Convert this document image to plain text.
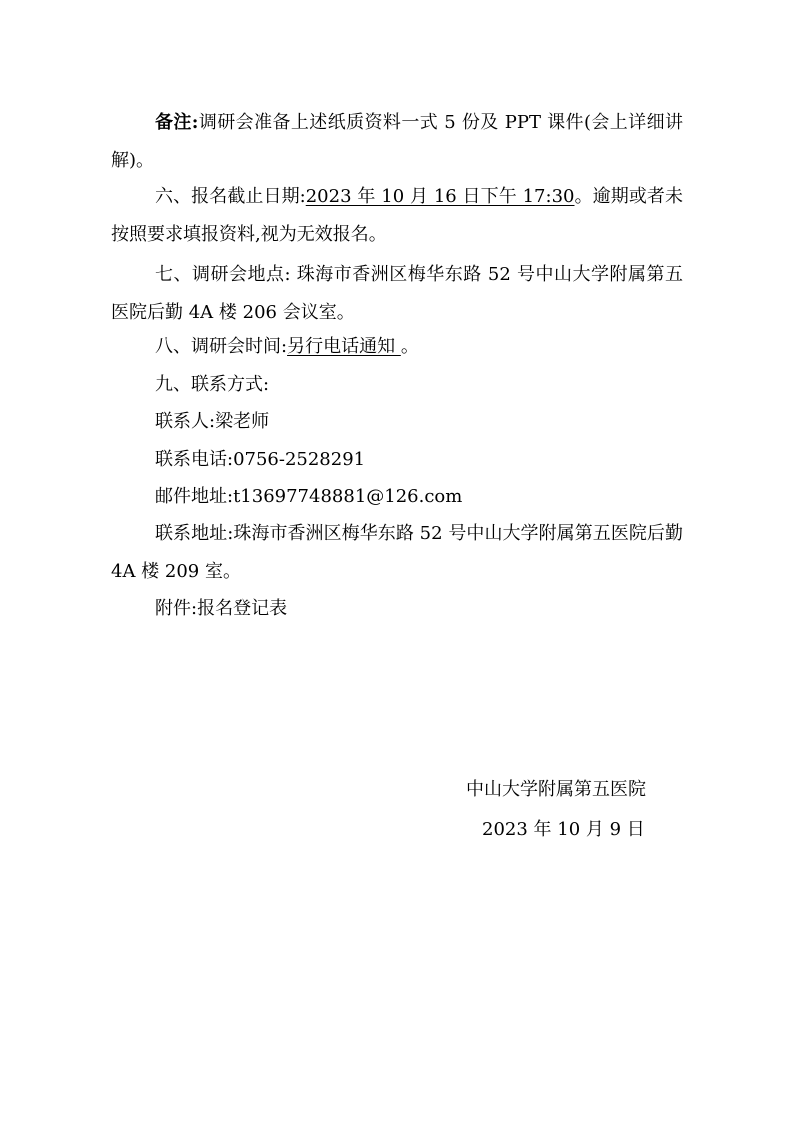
备注:调研会准备上述纸质资料一式 5 份及 PPT 课件(会上详细讲解)。

六、报名截止日期:2023 年 10 月 16 日下午 17:30。逾期或者未按照要求填报资料,视为无效报名。

七、调研会地点: 珠海市香洲区梅华东路 52 号中山大学附属第五医院后勤 4A 楼 206 会议室。

八、调研会时间:另行电话通知 。

九、联系方式:

联系人:梁老师

联系电话:0756-2528291

邮件地址:t13697748881@126.com

联系地址:珠海市香洲区梅华东路 52 号中山大学附属第五医院后勤 4A 楼 209 室。

附件:报名登记表

中山大学附属第五医院

2023 年 10 月 9 日
